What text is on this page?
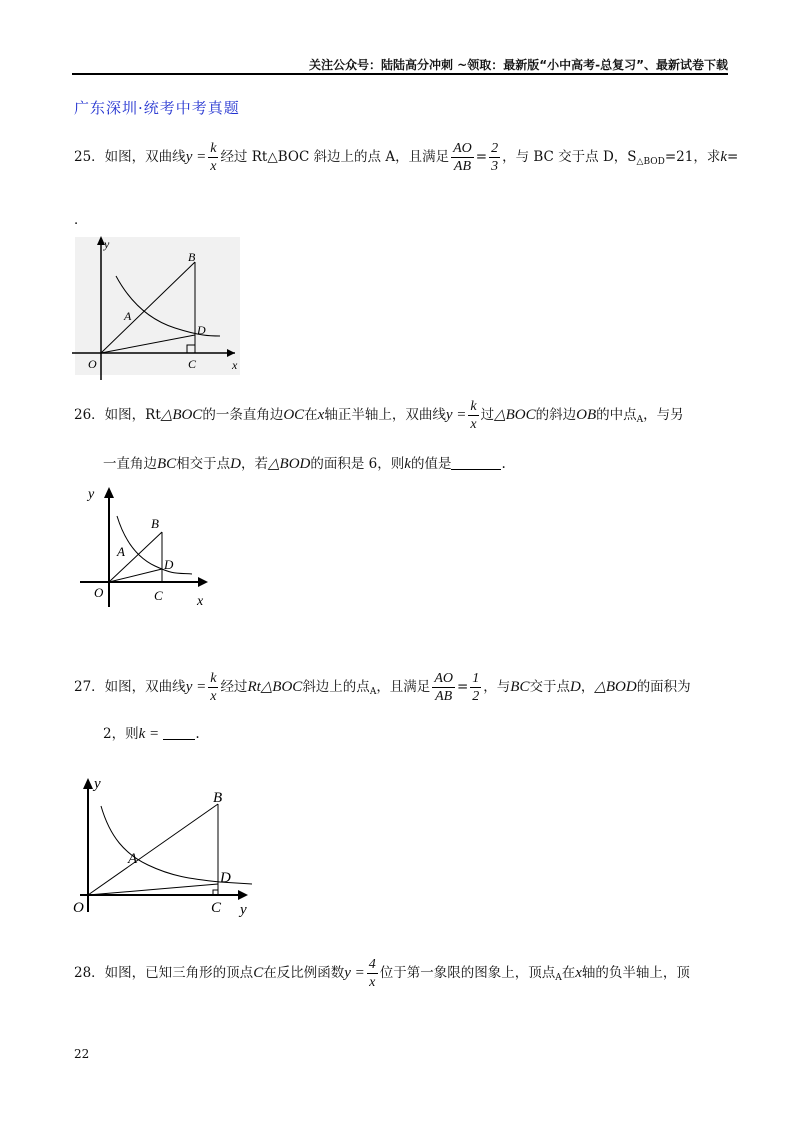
关注公众号：陆陆高分冲刺 ~领取：最新版“小中高考-总复习”、最新试卷下载
广东深圳·统考中考真题
25．如图，双曲线$y = \frac{k}{x}$ 经过 Rt△BOC 斜边上的点 A，且满足 $\frac{AO}{AB} = \frac{2}{3}$ ，与 BC 交于点 D，$S_{\triangle BOD}=21$，求k=
．
y
B
A
D
O	C	x
26．如图，Rt△BOC的一条直角边OC在x轴正半轴上，双曲线$y = \frac{k}{x}$ 过△BOC的斜边OB的中点$_A$，与另
一直角边BC相交于点D，若△BOD的面积是 6，则k的值是	.
y
B
A
D
O	C x
27．如图，双曲线$y = \frac{k}{x}$ 经过Rt△BOC斜边上的点$_A$，且满足 $\frac{AO}{AB} = \frac{1}{2}$ ，与BC交于点D，△BOD的面积为
2，则k =	.
y
B
A
D
O	C y
28．如图，已知三角形的顶点C在反比例函数$y = \frac{4}{x}$ 位于第一象限的图象上，顶点$_A$在x轴的负半轴上，顶
22
